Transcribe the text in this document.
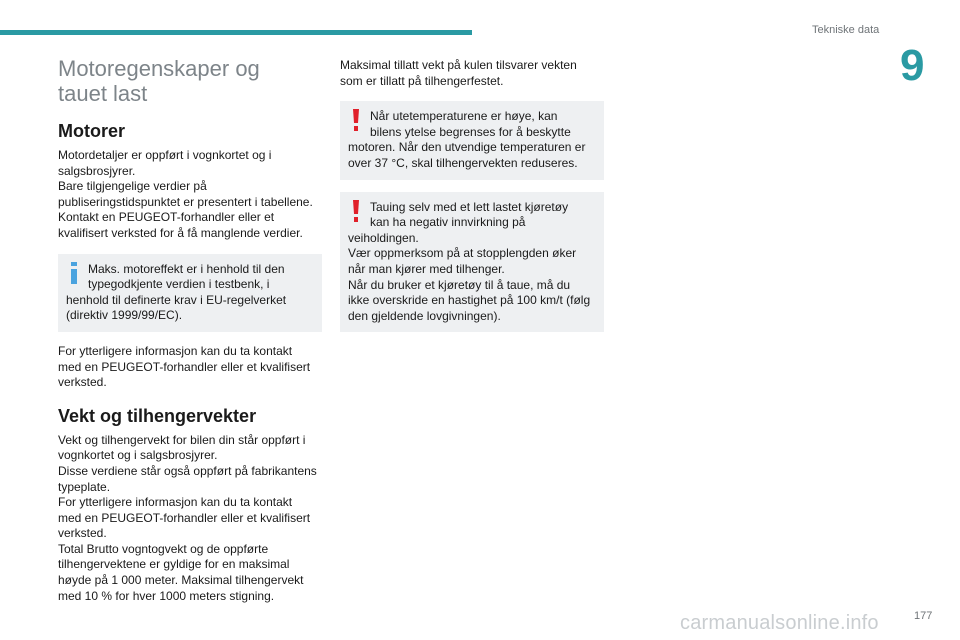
Tekniske data
9
Motoregenskaper og
tauet last
Motorer
Motordetaljer er oppført i vognkortet og i
salgsbrosjyrer.
Bare tilgjengelige verdier på
publiseringstidspunktet er presentert i tabellene.
Kontakt en PEUGEOT-forhandler eller et
kvalifisert verksted for å få manglende verdier.
Maks. motoreffekt er i henhold til den
typegodkjente verdien i testbenk, i
henhold til definerte krav i EU-regelverket
(direktiv 1999/99/EC).
For ytterligere informasjon kan du ta kontakt
med en PEUGEOT-forhandler eller et kvalifisert
verksted.
Vekt og tilhengervekter
Vekt og tilhengervekt for bilen din står oppført i
vognkortet og i salgsbrosjyrer.
Disse verdiene står også oppført på fabrikantens
typeplate.
For ytterligere informasjon kan du ta kontakt
med en PEUGEOT-forhandler eller et kvalifisert
verksted.
Total Brutto vogntogvekt og de oppførte
tilhengervektene er gyldige for en maksimal
høyde på 1 000 meter. Maksimal tilhengervekt
med 10 % for hver 1000 meters stigning.
Maksimal tillatt vekt på kulen tilsvarer vekten
som er tillatt på tilhengerfestet.
Når utetemperaturene er høye, kan
bilens ytelse begrenses for å beskytte
motoren. Når den utvendige temperaturen er
over 37 °C, skal tilhengervekten reduseres.
Tauing selv med et lett lastet kjøretøy
kan ha negativ innvirkning på
veiholdingen.
Vær oppmerksom på at stopplengden øker
når man kjører med tilhenger.
Når du bruker et kjøretøy til å taue, må du
ikke overskride en hastighet på 100 km/t (følg
den gjeldende lovgivningen).
carmanualsonline.info	177
